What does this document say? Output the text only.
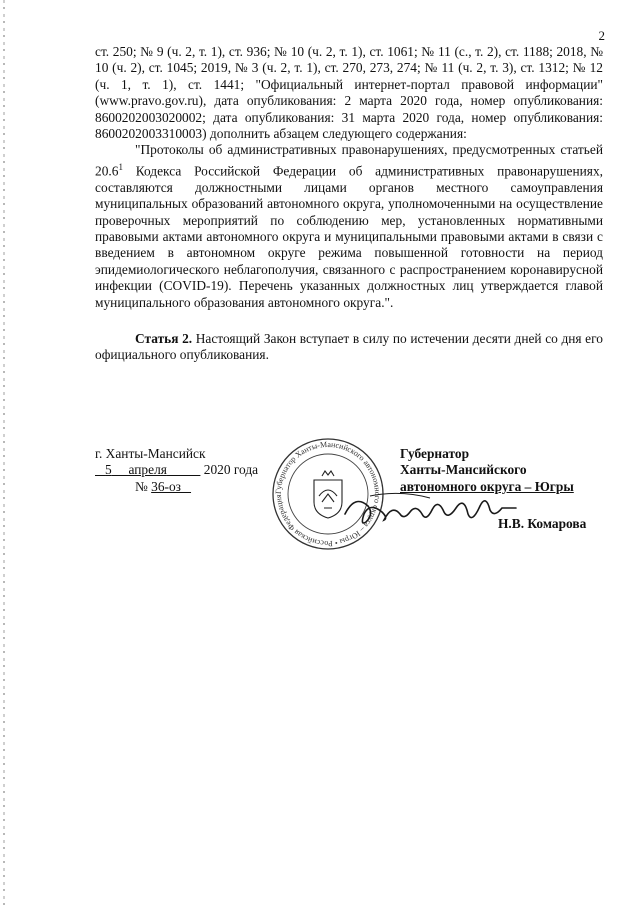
2

ст. 250; № 9 (ч. 2, т. 1), ст. 936; № 10 (ч. 2, т. 1), ст. 1061; № 11 (с., т. 2), ст. 1188; 2018, № 10 (ч. 2), ст. 1045; 2019, № 3 (ч. 2, т. 1), ст. 270, 273, 274; № 11 (ч. 2, т. 3), ст. 1312; № 12 (ч. 1, т. 1), ст. 1441; "Официальный интернет-портал правовой информации" (www.pravo.gov.ru), дата опубликования: 2 марта 2020 года, номер опубликования: 8600202003020002; дата опубликования: 31 марта 2020 года, номер опубликования: 8600202003310003) дополнить абзацем следующего содержания:

"Протоколы об административных правонарушениях, предусмотренных статьей 20.6$^1$ Кодекса Российской Федерации об административных правонарушениях, составляются должностными лицами органов местного самоуправления муниципальных образований автономного округа, уполномоченными на осуществление проверочных мероприятий по соблюдению мер, установленных нормативными правовыми актами автономного округа и муниципальными правовыми актами в связи с введением в автономном округе режима повышенной готовности на период эпидемиологического неблагополучия, связанного с распространением коронавирусной инфекции (COVID-19). Перечень указанных должностных лиц утверждается главой муниципального образования автономного округа.".

Статья 2. Настоящий Закон вступает в силу по истечении десяти дней со дня его официального опубликования.

г. Ханты-Мансийск
5 апреля	2020 года
№ 36-оз	Губернатор Ханты-Мансийского автономного округа – Югры • Российская Федерация
Губернатор
Ханты-Мансийского
автономного округа – Югры
Н.В. Комарова
